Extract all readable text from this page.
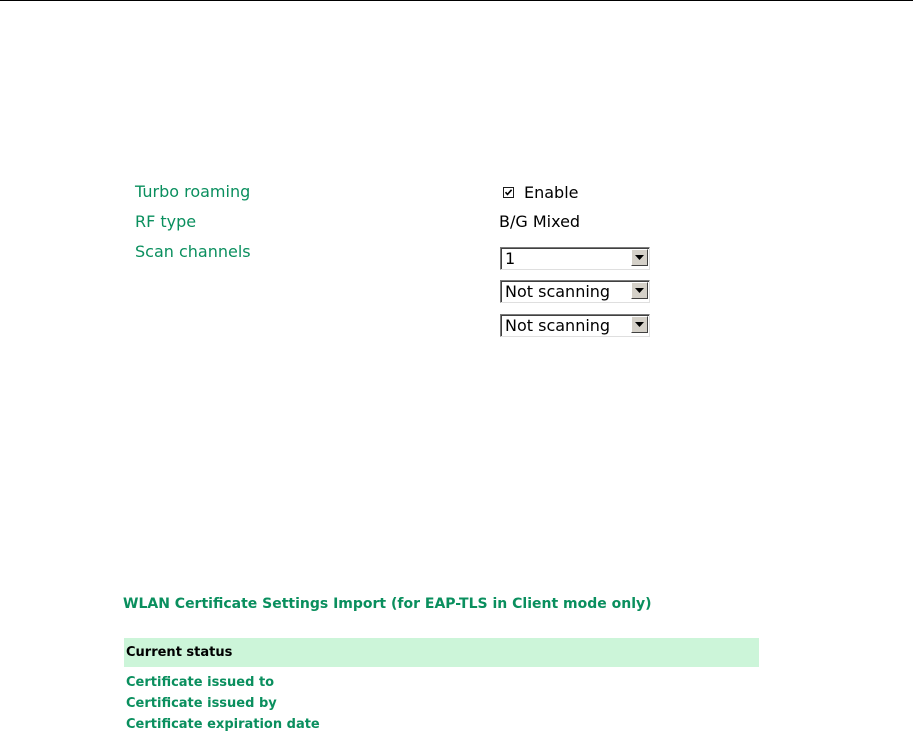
Turbo roaming	Enable
RF type	B/G Mixed
Scan channels	1
Not scanning
Not scanning
WLAN Certificate Settings Import (for EAP-TLS in Client mode only)
Current status
Certificate issued to
Certificate issued by
Certificate expiration date
